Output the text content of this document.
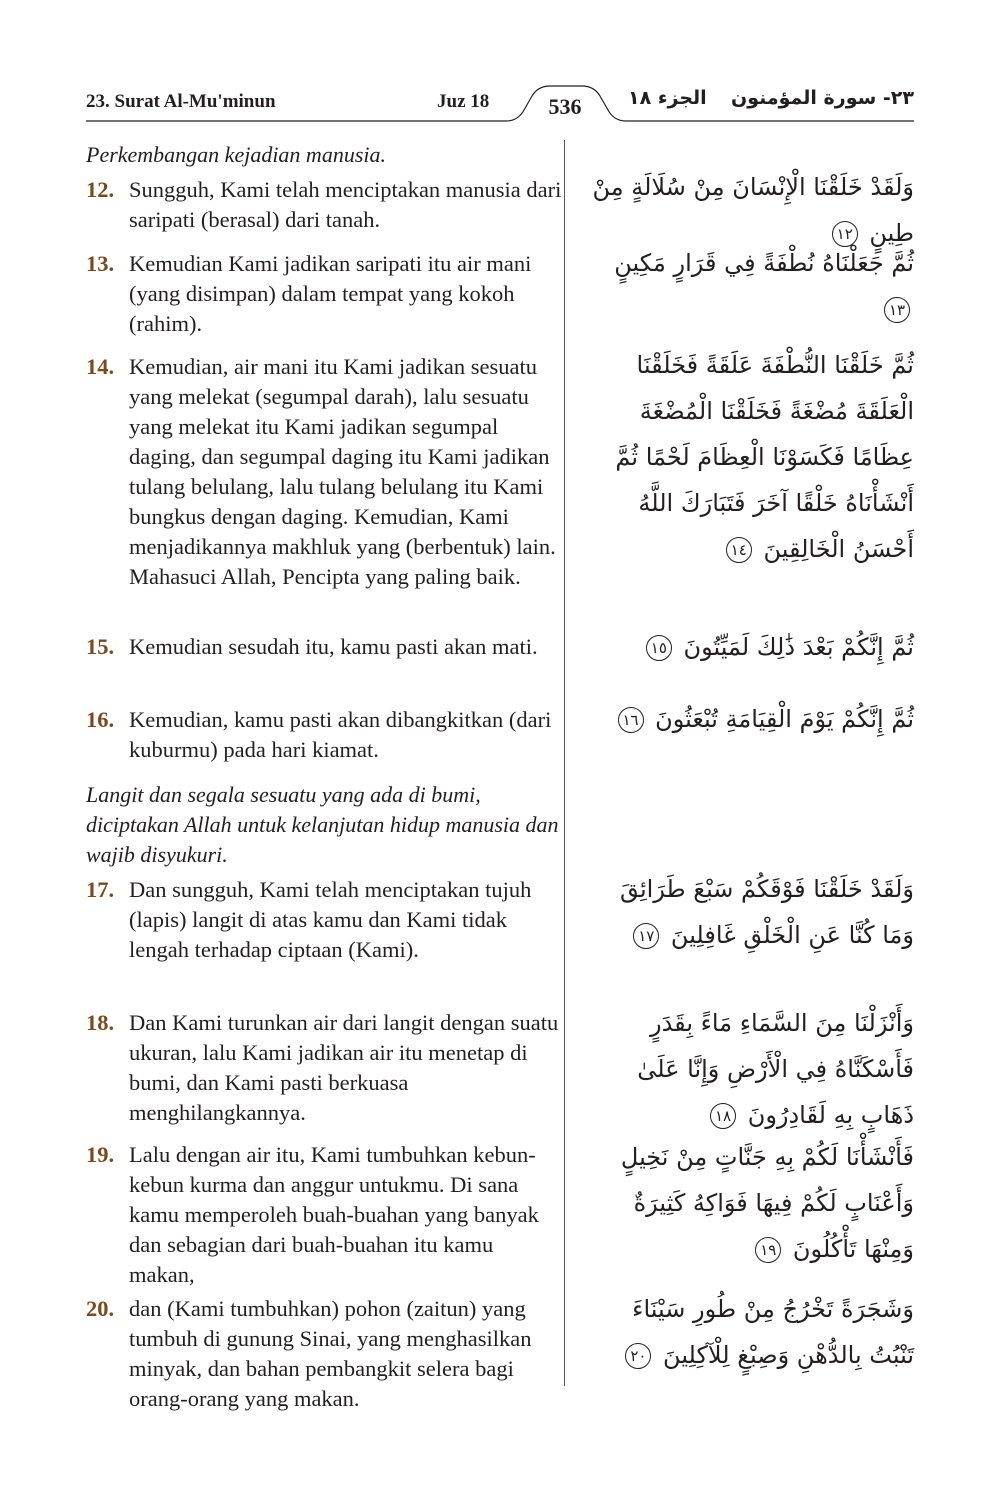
23. Surat Al-Mu'minun	Juz 18	536	الجزء ١٨ ٢٣- سورة المؤمنون

Perkembangan kejadian manusia.

12. Sungguh, Kami telah menciptakan manusia dari saripati (berasal) dari tanah.
13. Kemudian Kami jadikan saripati itu air mani (yang disimpan) dalam tempat yang kokoh (rahim).
14. Kemudian, air mani itu Kami jadikan sesuatu yang melekat (segumpal darah), lalu sesuatu yang melekat itu Kami jadikan segumpal daging, dan segumpal daging itu Kami jadikan tulang belulang, lalu tulang belulang itu Kami bungkus dengan daging. Kemudian, Kami menjadikannya makhluk yang (berbentuk) lain. Mahasuci Allah, Pencipta yang paling baik.
15. Kemudian sesudah itu, kamu pasti akan mati.
16. Kemudian, kamu pasti akan dibangkitkan (dari kuburmu) pada hari kiamat.

Langit dan segala sesuatu yang ada di bumi, diciptakan Allah untuk kelanjutan hidup manusia dan wajib disyukuri.

17. Dan sungguh, Kami telah menciptakan tujuh (lapis) langit di atas kamu dan Kami tidak lengah terhadap ciptaan (Kami).
18. Dan Kami turunkan air dari langit dengan suatu ukuran, lalu Kami jadikan air itu menetap di bumi, dan Kami pasti berkuasa menghilangkannya.
19. Lalu dengan air itu, Kami tumbuhkan kebun-kebun kurma dan anggur untukmu. Di sana kamu memperoleh buah-buahan yang banyak dan sebagian dari buah-buahan itu kamu makan,
20. dan (Kami tumbuhkan) pohon (zaitun) yang tumbuh di gunung Sinai, yang menghasilkan minyak, dan bahan pembangkit selera bagi orang-orang yang makan.
وَلَقَدْ خَلَقْنَا الْإِنْسَانَ مِنْ سُلَالَةٍ مِنْ طِينٍ ١٢
ثُمَّ جَعَلْنَاهُ نُطْفَةً فِي قَرَارٍ مَكِينٍ ١٣
ثُمَّ خَلَقْنَا النُّطْفَةَ عَلَقَةً فَخَلَقْنَا الْعَلَقَةَ مُضْغَةً فَخَلَقْنَا الْمُضْغَةَ عِظَامًا فَكَسَوْنَا الْعِظَامَ لَحْمًا ثُمَّ أَنْشَأْنَاهُ خَلْقًا آخَرَ فَتَبَارَكَ اللَّهُ أَحْسَنُ الْخَالِقِينَ ١٤
ثُمَّ إِنَّكُمْ بَعْدَ ذَٰلِكَ لَمَيِّتُونَ ١٥
ثُمَّ إِنَّكُمْ يَوْمَ الْقِيَامَةِ تُبْعَثُونَ ١٦
وَلَقَدْ خَلَقْنَا فَوْقَكُمْ سَبْعَ طَرَائِقَ وَمَا كُنَّا عَنِ الْخَلْقِ غَافِلِينَ ١٧
وَأَنْزَلْنَا مِنَ السَّمَاءِ مَاءً بِقَدَرٍ فَأَسْكَنَّاهُ فِي الْأَرْضِ وَإِنَّا عَلَىٰ ذَهَابٍ بِهِ لَقَادِرُونَ ١٨
فَأَنْشَأْنَا لَكُمْ بِهِ جَنَّاتٍ مِنْ نَخِيلٍ وَأَعْنَابٍ لَكُمْ فِيهَا فَوَاكِهُ كَثِيرَةٌ وَمِنْهَا تَأْكُلُونَ ١٩
وَشَجَرَةً تَخْرُجُ مِنْ طُورِ سَيْنَاءَ تَنْبُتُ بِالدُّهْنِ وَصِبْغٍ لِلْآكِلِينَ ٢٠
